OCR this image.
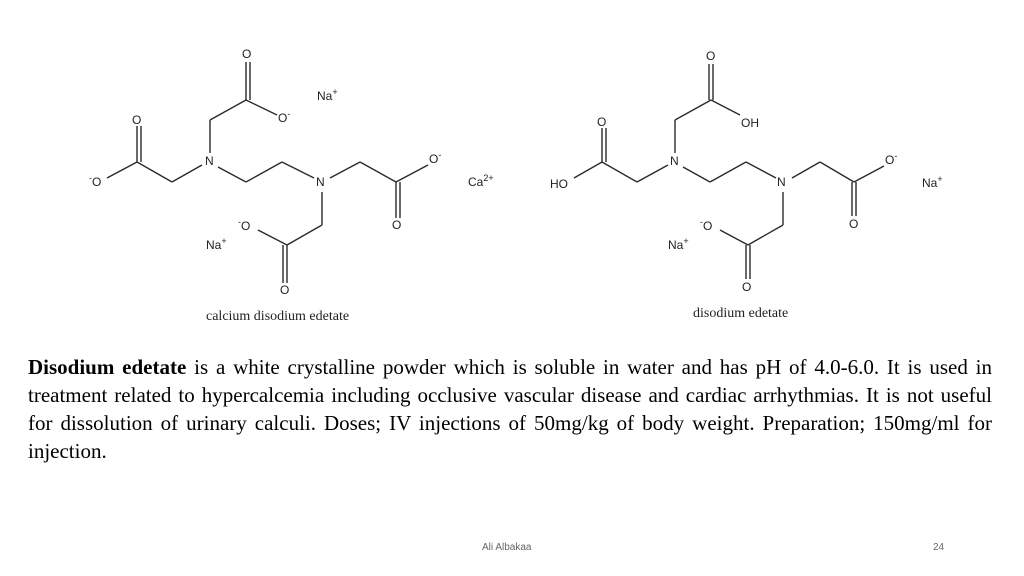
-O
O
N
O
O-
N
O-
O
-O
O
Na+
Na+
$Ca^{2+}$
calcium disodium edetate
HO
O
N
O
OH
N
O-
O
-O
O
Na+
Na+
disodium edetate

Disodium edetate is a white crystalline powder which is soluble in water and has pH of 4.0-6.0. It is used in treatment related to hypercalcemia including occlusive vascular disease and cardiac arrhythmias. It is not useful for dissolution of urinary calculi. Doses; IV injections of 50mg/kg of body weight. Preparation; 150mg/ml for injection.

Ali Albakaa	24
